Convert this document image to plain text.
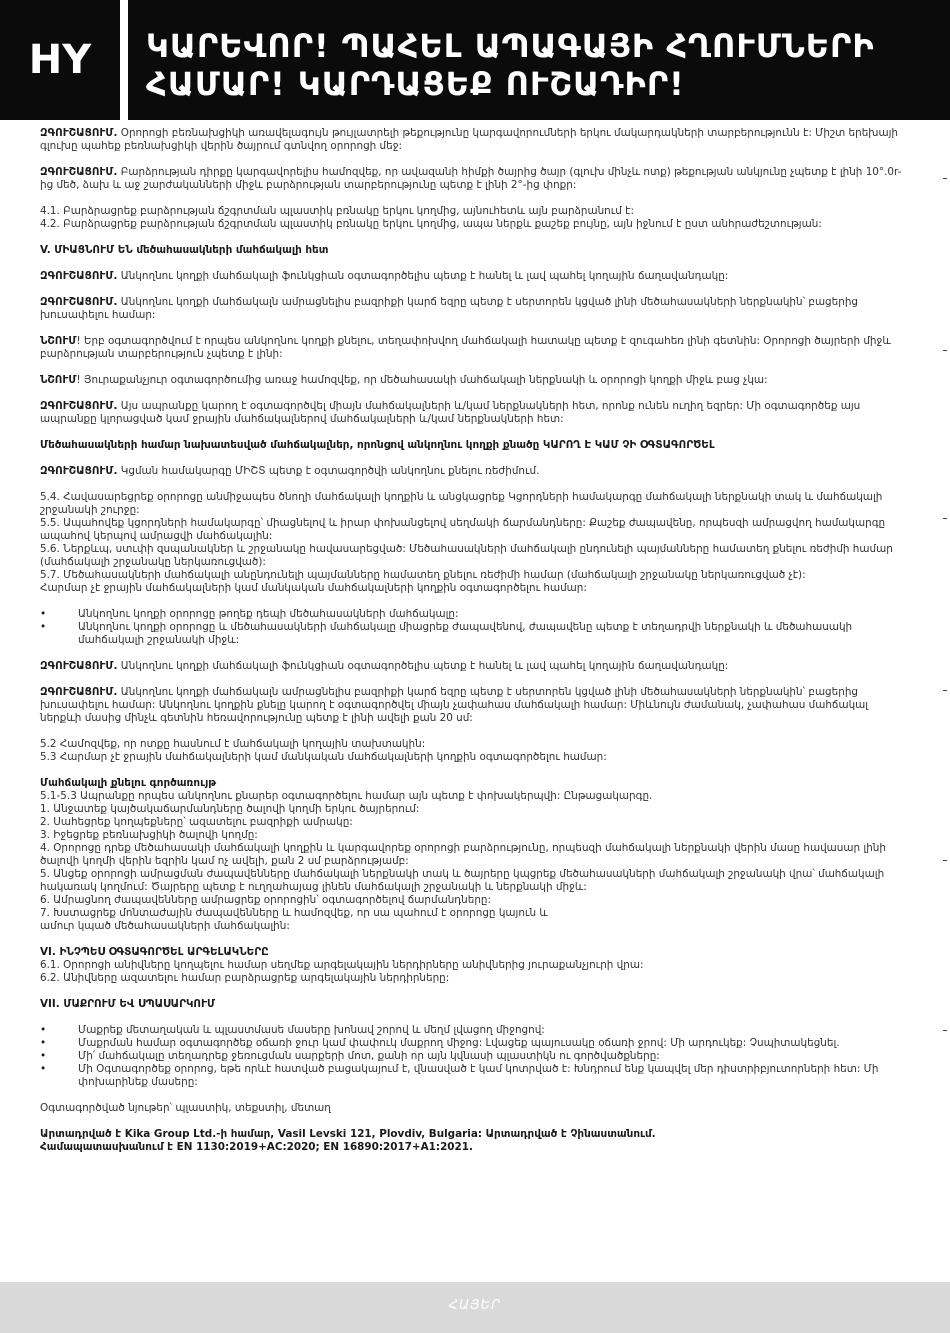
HY ԿԱՐԵՎՈՐ! ՊԱՀԵԼ ԱՊԱԳԱՅԻ ՀՂՈՒՄՆԵՐԻ
ՀԱՄԱՐ! ԿԱՐԴԱՑԵՔ ՈՒՇԱԴԻՐ!

ԶԳՈՒՇԱՑՈՒՄ. Օրորոցի բեռնախցիկի առավելագույն թույլատրելի թեքությունը կարգավորումների երկու մակարդակների տարբերությունն է: Միշտ երեխայի գլուխը պահեք բեռնախցիկի վերին ծայրում գտնվող օրորոցի մեջ:

ԶԳՈՒՇԱՑՈՒՄ. Բարձրության դիրքը կարգավորելիս համոզվեք, որ ավազանի հիմքի ծայրից ծայր (գլուխ մինչև ոտք) թեքության անկյունը չպետք է լինի 10°.0r-ից մեծ, ձախ և աջ շարժականների միջև բարձրության տարբերությունը պետք է լինի 2°-ից փոքր:

4.1. Բարձրացրեք բարձրության ճշգրտման պլաստիկ բռնակը երկու կողմից, այնուհետև այն բարձրանում է:

4.2. Բարձրացրեք բարձրության ճշգրտման պլաստիկ բռնակը երկու կողմից, ապա ներքև քաշեք բույնը, այն իջնում է ըստ անհրաժեշտության:

V. ՄԻԱՑՆՈՒՄ ԵՆ մեծահասակների մահճակալի հետ

ԶԳՈՒՇԱՑՈՒՄ. Անկողնու կողքի մահճակալի ֆունկցիան օգտագործելիս պետք է հանել և լավ պահել կողային ճաղավանդակը:

ԶԳՈՒՇԱՑՈՒՄ. Անկողնու կողքի մահճակալն ամրացնելիս բազրիքի կարճ եզրը պետք է սերտորեն կցված լինի մեծահասակների ներքնակին՝ բացերից խուսափելու համար:

ՆՇՈՒՄ! Երբ օգտագործվում է որպես անկողնու կողքի քնելու, տեղափոխվող մահճակալի հատակը պետք է զուգահեռ լինի գետնին: Օրորոցի ծայրերի միջև բարձրության տարբերություն չպետք է լինի:

ՆՇՈՒՄ! Յուրաքանչյուր օգտագործումից առաջ համոզվեք, որ մեծահասակի մահճակալի ներքնակի և օրորոցի կողքի միջև բաց չկա:

ԶԳՈՒՇԱՑՈՒՄ. Այս ապրանքը կարող է օգտագործվել միայն մահճակալների և/կամ ներքնակների հետ, որոնք ունեն ուղիղ եզրեր: Մի օգտագործեք այս ապրանքը կլորացված կամ ջրային մահճակալներով մահճակալների և/կամ ներքնակների հետ:

Մեծահասակների համար նախատեսված մահճակալներ, որոնցով անկողնու կողքի քնածը ԿԱՐՈՂ Է ԿԱՄ ՉԻ ՕԳՏԱԳՈՐԾԵԼ

ԶԳՈՒՇԱՑՈՒՄ. Կցման համակարգը ՄԻՇՏ պետք է օգտագործվի անկողնու քնելու ռեժիմում.

5.4. Հավասարեցրեք օրորոցը անմիջապես ծնողի մահճակալի կողքին և անցկացրեք Կցորդների համակարգը մահճակալի ներքնակի տակ և մահճակալի շրջանակի շուրջը:

5.5. Ապահովեք կցորդների համակարգը՝ միացնելով և իրար փոխանցելով սեղմակի ճարմանդները: Քաշեք ժապավենը, որպեսզի ամրացվող համակարգը ապահով կերպով ամրացվի մահճակալին:

5.6. Ներքևպ, ստւփի զսպանակներ և շրջանակը հավասարեցված: Մեծահասակների մահճակալի ընդունելի պայմանները համատեղ քնելու ռեժիմի համար (մահճակալի շրջանակը ներկառուցված):

5.7. Մեծահասակների մահճակալի անընդունելի պայմանները համատեղ քնելու ռեժիմի համար (մահճակալի շրջանակը ներկառուցված չէ):

Հարմար չէ ջրային մահճակալների կամ մանկական մահճակալների կողքին օգտագործելու համար:

• Անկողնու կողքի օրորոցը թողեք դեպի մեծահասակների մահճակալը:
• Անկողնու կողքի օրորոցը և մեծահասակների մահճակալը միացրեք ժապավենով, ժապավենը պետք է տեղադրվի ներքնակի և մեծահասակի մահճակալի շրջանակի միջև:

ԶԳՈՒՇԱՑՈՒՄ. Անկողնու կողքի մահճակալի ֆունկցիան օգտագործելիս պետք է հանել և լավ պահել կողային ճաղավանդակը:

ԶԳՈՒՇԱՑՈՒՄ. Անկողնու կողքի մահճակալն ամրացնելիս բազրիքի կարճ եզրը պետք է սերտորեն կցված լինի մեծահասակների ներքնակին՝ բացերից խուսափելու համար: Անկողնու կողքին քնելը կարող է օգտագործվել միայն չափահաս մահճակալի համար: Միևնույն ժամանակ, չափահաս մահճակալ ներքևի մասից մինչև գետնին հեռավորությունը պետք է լինի ավելի քան 20 սմ:

5.2 Համոզվեք, որ ոտքը հասնում է մահճակալի կողային տախտակին:

5.3 Հարմար չէ ջրային մահճակալների կամ մանկական մահճակալների կողքին օգտագործելու համար:

Մահճակալի քնելու գործառույթ

5.1-5.3 Ապրանքը որպես անկողնու քնարեր օգտագործելու համար այն պետք է փոխակերպվի: Ընթացակարգը.

1. Անջատեք կայծակաճարմանդները ծալովի կողմի երկու ծայրերում:

2. Սահեցրեք կողպեքները՝ ազատելու բազրիքի ամրակը:

3. Իջեցրեք բեռնախցիկի ծալովի կողմը:

4. Օրորոցը դրեք մեծահասակի մահճակալի կողքին և կարգավորեք օրորոցի բարձրությունը, որպեսզի մահճակալի ներքնակի վերին մասը հավասար լինի ծալովի կողմի վերին եզրին կամ ոչ ավելի, քան 2 սմ բարձրությամբ:

5. Անցեք օրորոցի ամրացման ժապավենները մահճակալի ներքնակի տակ և ծայրերը կպցրեք մեծահասակների մահճակալի շրջանակի վրա՝ մահճակալի հակառակ կողմում: Ծայրերը պետք է ուղղահայաց լինեն մահճակալի շրջանակի և ներքնակի միջև:

6. Ամրացնող ժապավենները ամրացրեք օրորոցին՝ օգտագործելով ճարմանդները:

7. Խստացրեք մոնտաժային ժապավենները և համոզվեք, որ սա պահում է օրորոցը կայուն և

ամուր կպած մեծահասակների մահճակալին:

VI. ԻՆՉՊԵՍ ՕԳՏԱԳՈՐԾԵԼ ԱՐԳԵԼԱԿՆԵՐԸ

6.1. Օրորոցի անիվները կողպելու համար սեղմեք արգելակային ներդիրները անիվներից յուրաքանչյուրի վրա:

6.2. Անիվները ազատելու համար բարձրացրեք արգելակային ներդիրները:

VII. ՄԱՔՐՈՒՄ ԵՎ ՍՊԱՍԱՐԿՈՒՄ

• Մաքրեք մետաղական և պլաստմասե մասերը խոնավ շորով և մեղմ լվացող միջոցով:
• Մաքրման համար օգտագործեք օճառի ջուր կամ փափուկ մաքրող միջոց: Լվացեք պայուսակը օճառի ջրով: Մի արդուկեք: Չսպիտակեցնել.
• Մի՛ մահճակալը տեղադրեք ջեռուցման սարքերի մոտ, քանի որ այն կվնասի պլաստիկն ու գործվածքները:
• Մի Օգտագործեք օրորոց, եթե որևէ հատված բացակայում է, վնասված է կամ կոտրված է: Խնդրում ենք կապվել մեր դիստրիբյուտորների հետ: Մի փոխարինեք մասերը:

Օգտագործված նյութեր՝ պլաստիկ, տեքստիլ, մետաղ

Արտադրված է Kika Group Ltd.-ի համար, Vasil Levski 121, Plovdiv, Bulgaria: Արտադրված է Չինաստանում.

Համապատասխանում է EN 1130:2019+AC:2020; EN 16890:2017+A1:2021.

ՀԱՅԵՐ
